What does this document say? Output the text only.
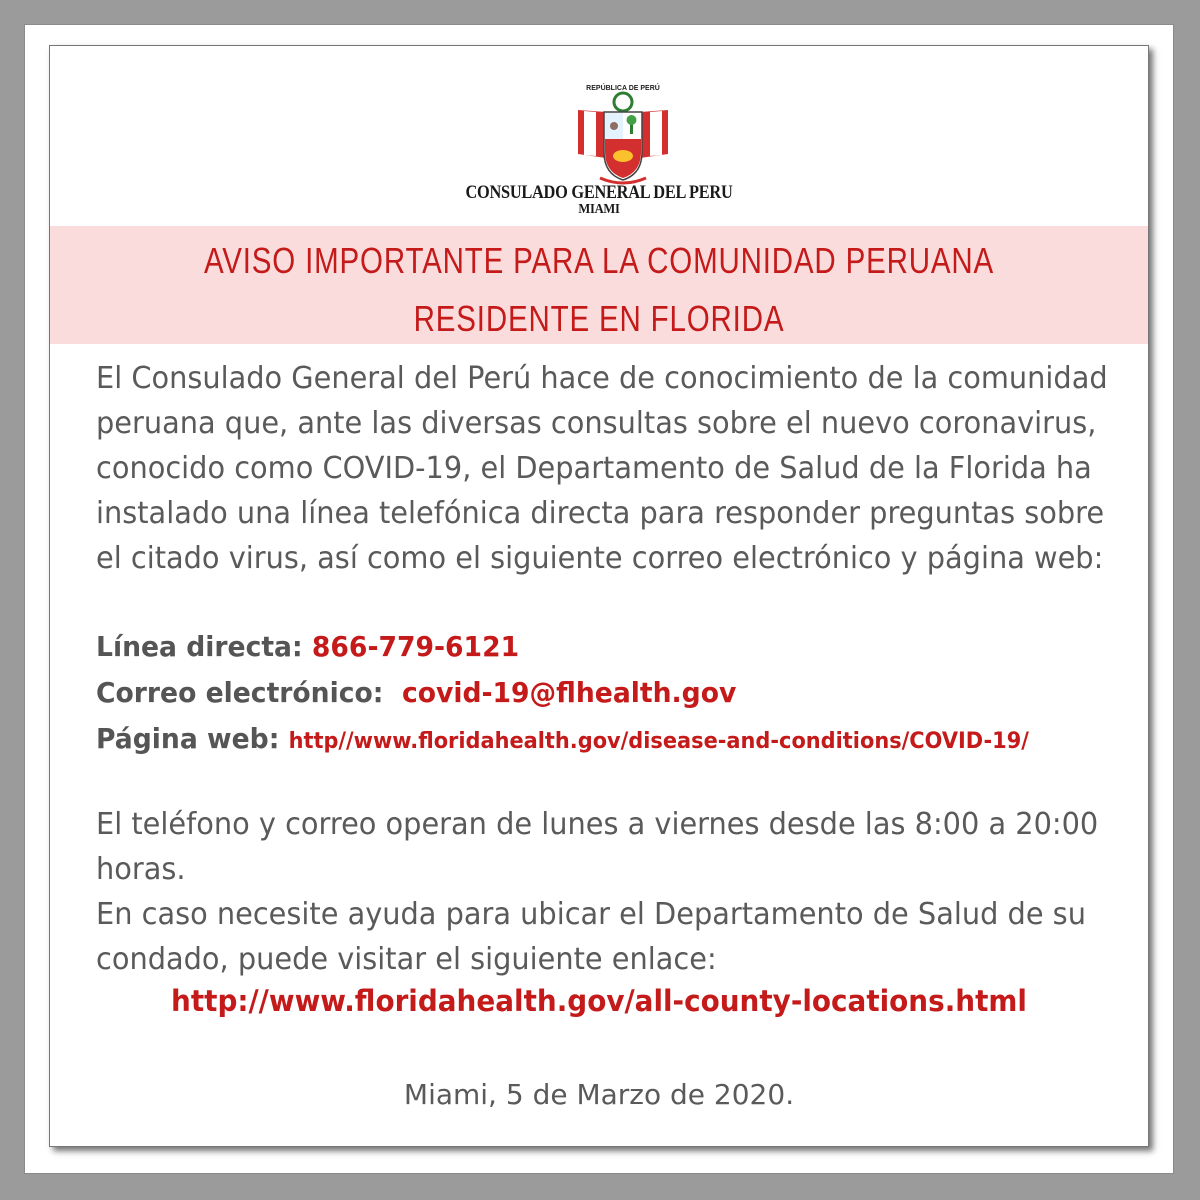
REPÚBLICA DE PERÚ
CONSULADO GENERAL DEL PERU
MIAMI
AVISO IMPORTANTE PARA LA COMUNIDAD PERUANA
RESIDENTE EN FLORIDA
El Consulado General del Perú hace de conocimiento de la comunidad
peruana que, ante las diversas consultas sobre el nuevo coronavirus,
conocido como COVID-19, el Departamento de Salud de la Florida ha
instalado una línea telefónica directa para responder preguntas sobre
el citado virus, así como el siguiente correo electrónico y página web:
Línea directa: 866-779-6121
Correo electrónico: covid-19@flhealth.gov
Página web: http//www.floridahealth.gov/disease-and-conditions/COVID-19/
El teléfono y correo operan de lunes a viernes desde las 8:00 a 20:00
horas.
En caso necesite ayuda para ubicar el Departamento de Salud de su
condado, puede visitar el siguiente enlace:
http://www.floridahealth.gov/all-county-locations.html
Miami, 5 de Marzo de 2020.
